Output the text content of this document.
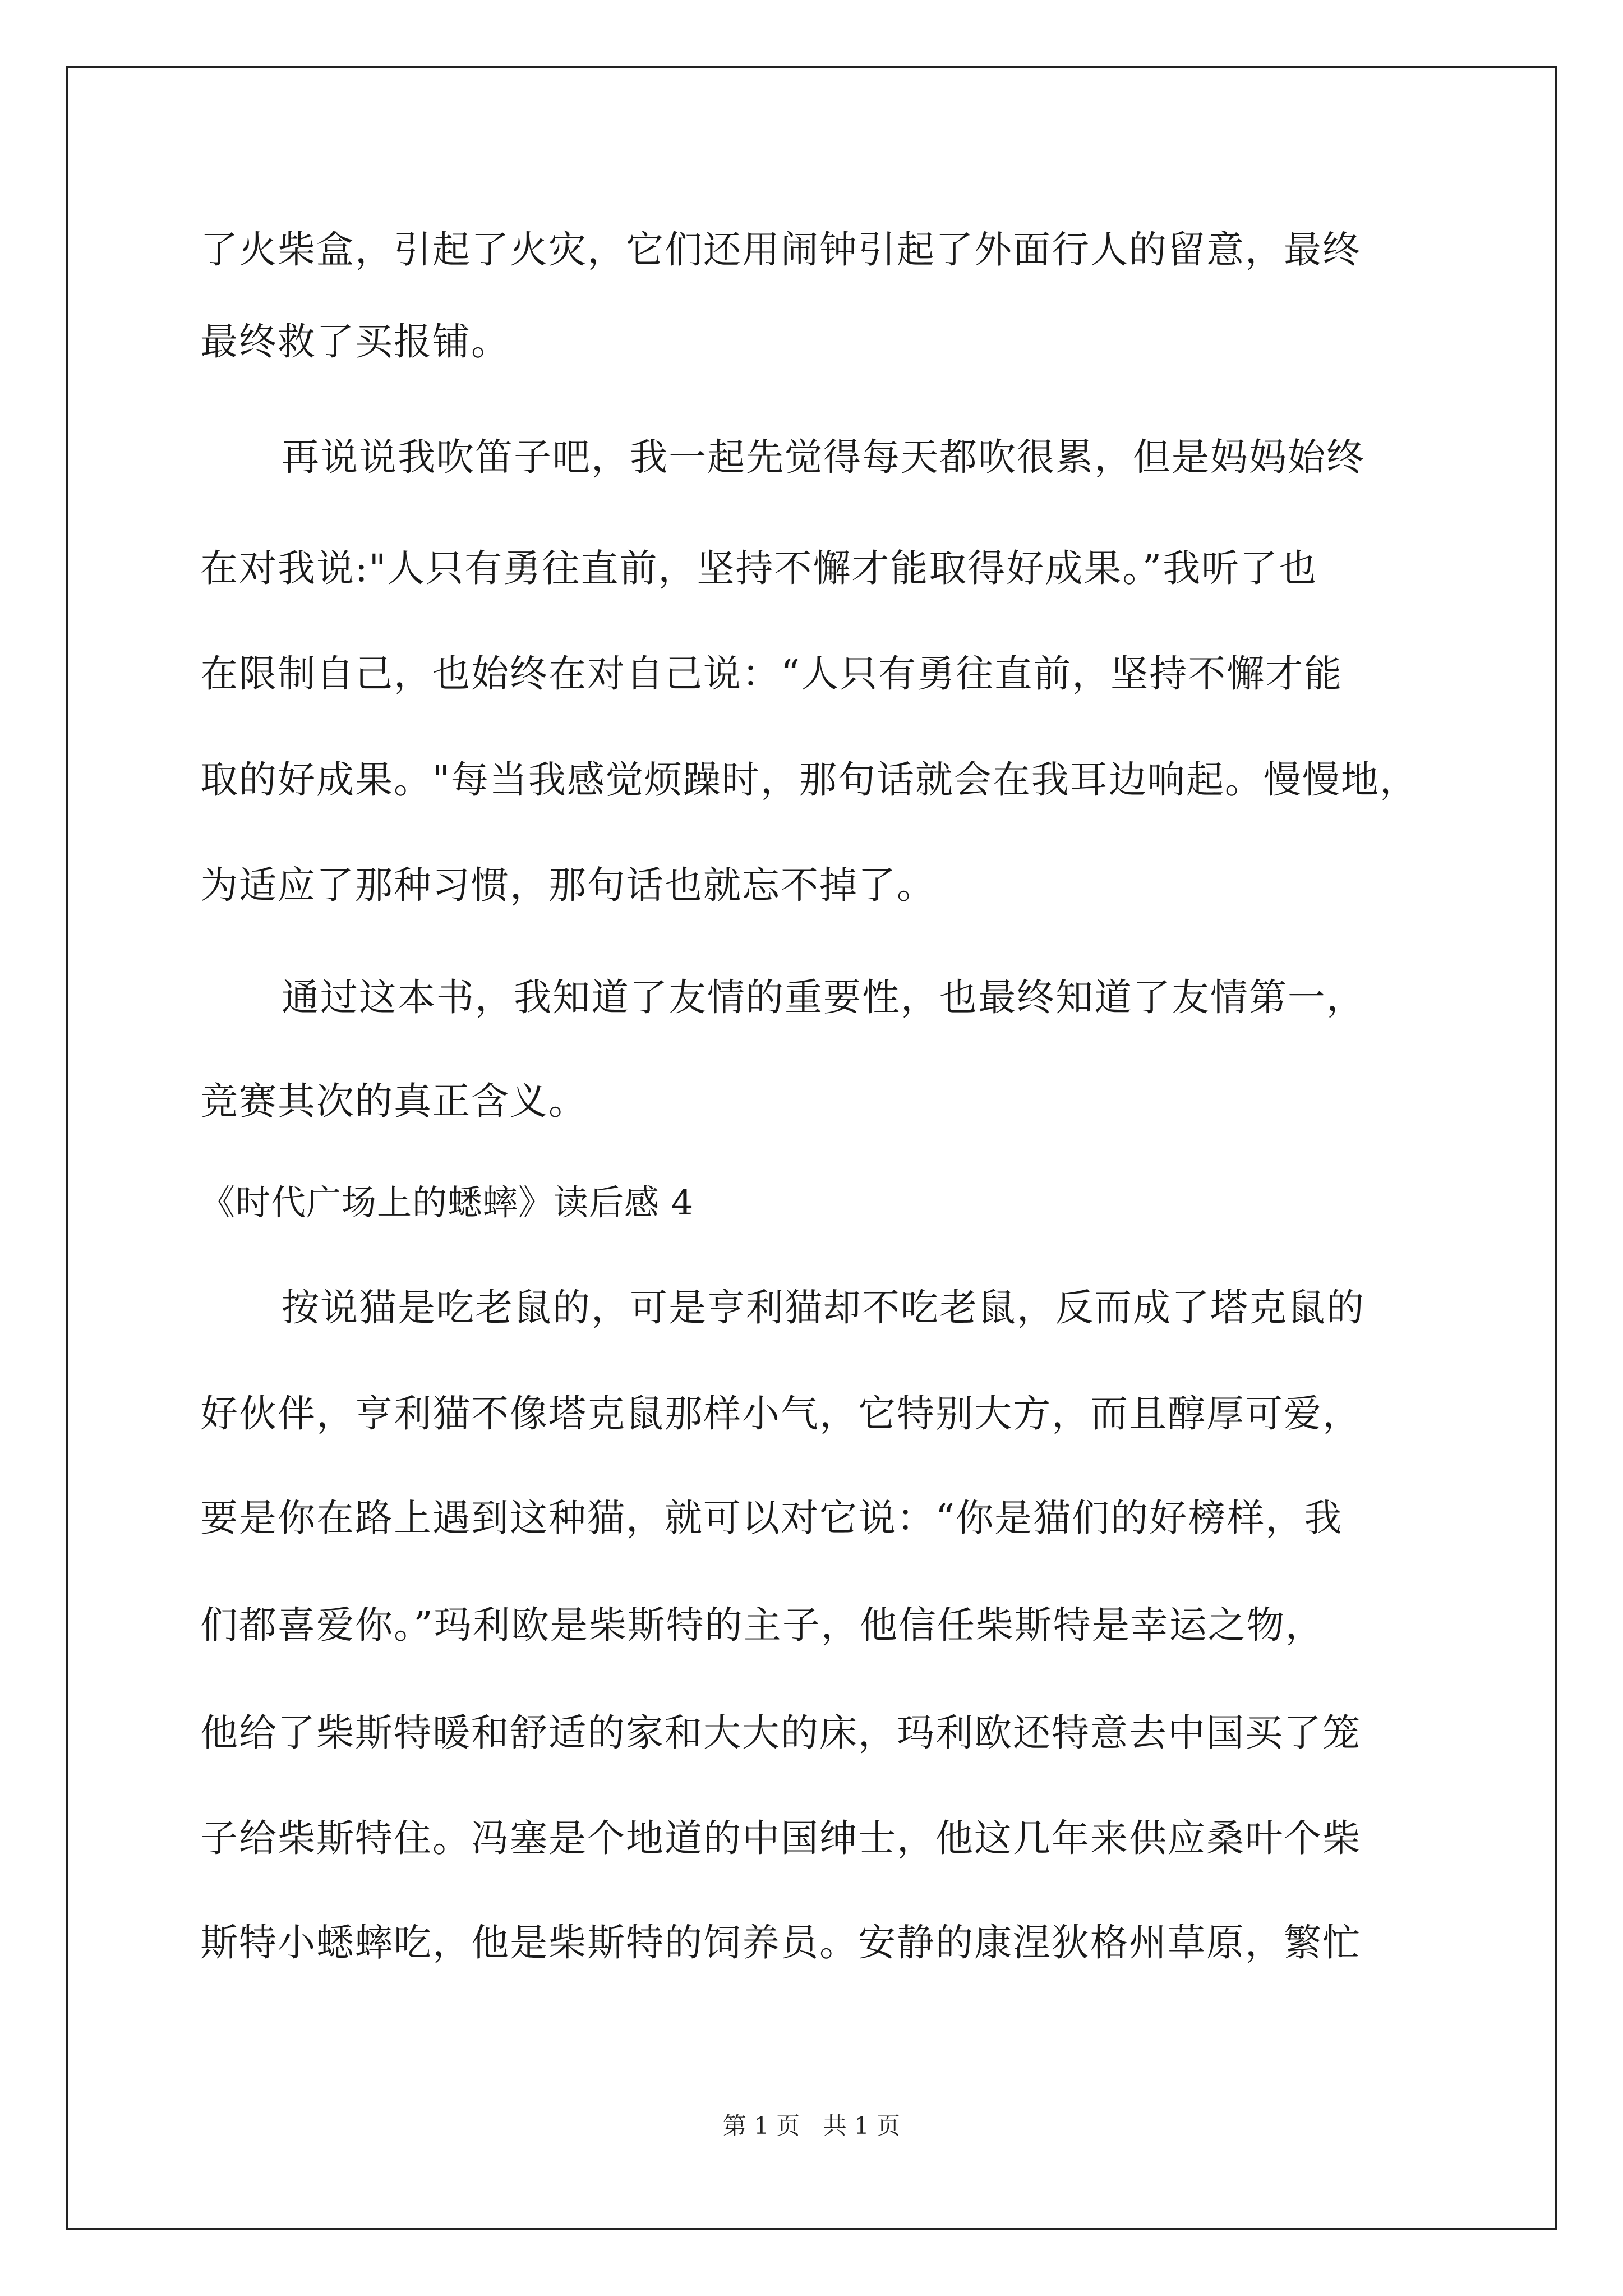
了火柴盒，引起了火灾，它们还用闹钟引起了外面行人的留意，最终
最终救了买报铺。
再说说我吹笛子吧，我一起先觉得每天都吹很累，但是妈妈始终
在对我说:"人只有勇往直前，坚持不懈才能取得好成果。”我听了也
在限制自己，也始终在对自己说：“人只有勇往直前，坚持不懈才能
取的好成果。"每当我感觉烦躁时，那句话就会在我耳边响起。慢慢地，
为适应了那种习惯，那句话也就忘不掉了。
通过这本书，我知道了友情的重要性，也最终知道了友情第一，
竞赛其次的真正含义。
《时代广场上的蟋蟀》读后感 4
按说猫是吃老鼠的，可是亨利猫却不吃老鼠，反而成了塔克鼠的
好伙伴，亨利猫不像塔克鼠那样小气，它特别大方，而且醇厚可爱，
要是你在路上遇到这种猫，就可以对它说：“你是猫们的好榜样，我
们都喜爱你。”玛利欧是柴斯特的主子，他信任柴斯特是幸运之物，
他给了柴斯特暖和舒适的家和大大的床，玛利欧还特意去中国买了笼
子给柴斯特住。冯塞是个地道的中国绅士，他这几年来供应桑叶个柴
斯特小蟋蟀吃，他是柴斯特的饲养员。安静的康涅狄格州草原，繁忙
第 1 页 共 1 页
